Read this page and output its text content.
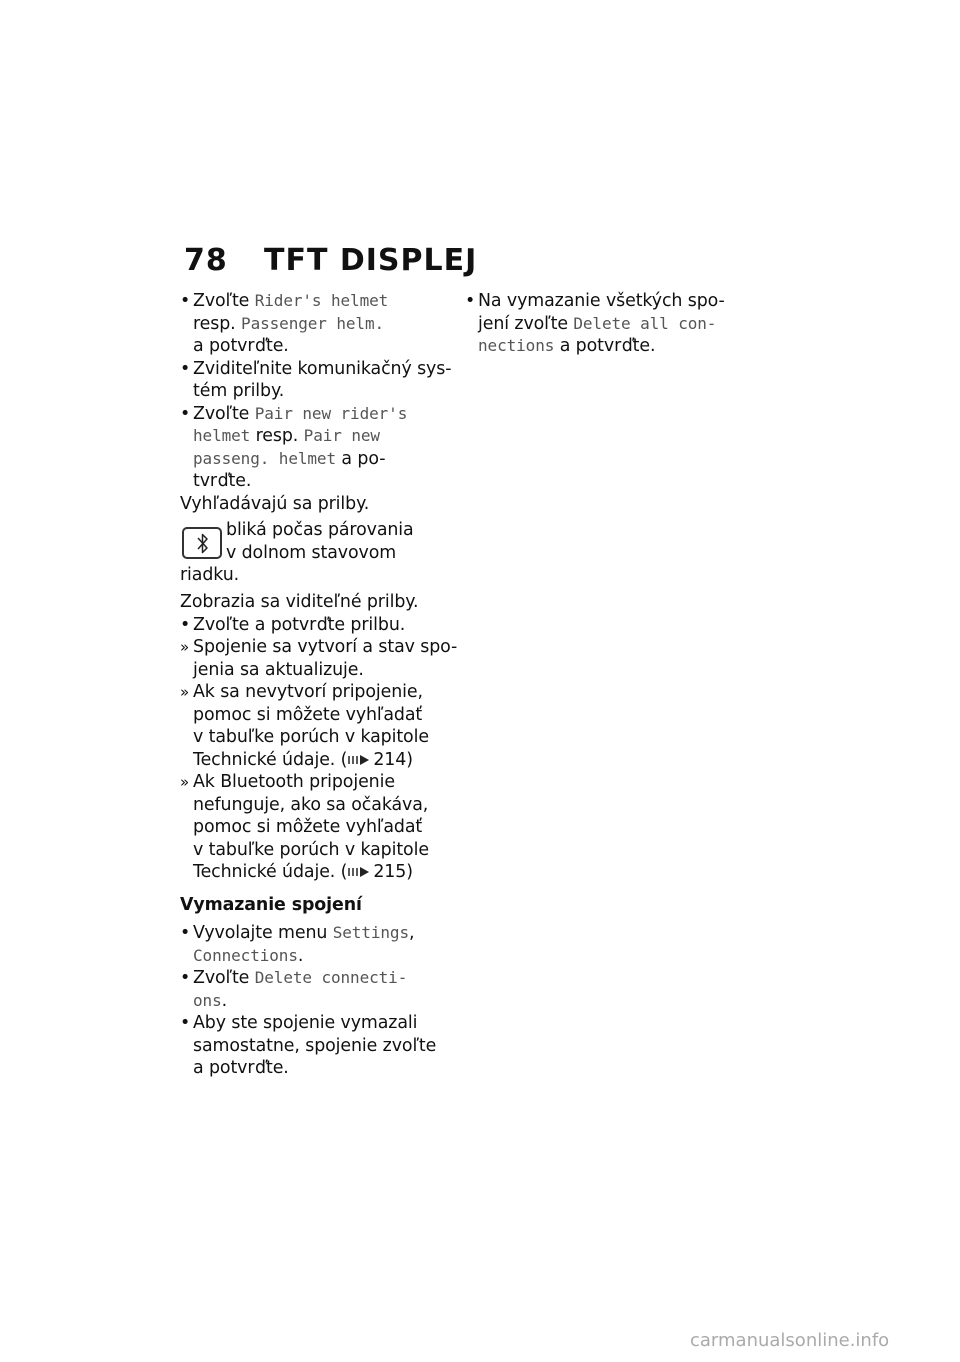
78 TFT DISPLEJ
• Zvoľte Rider's helmet
resp. Passenger helm.
a potvrďte.
• Zviditeľnite komunikačný sys-
tém prilby.
• Zvoľte Pair new rider's
helmet resp. Pair new
passeng. helmet a po-
tvrďte.
Vyhľadávajú sa prilby.
bliká počas párovania
v dolnom stavovom
riadku.
Zobrazia sa viditeľné prilby.
• Zvoľte a potvrďte prilbu.
» Spojenie sa vytvorí a stav spo-
jenia sa aktualizuje.
» Ak sa nevytvorí pripojenie,
pomoc si môžete vyhľadať
v tabuľke porúch v kapitole
Technické údaje. ( 214)
» Ak Bluetooth pripojenie
nefunguje, ako sa očakáva,
pomoc si môžete vyhľadať
v tabuľke porúch v kapitole
Technické údaje. ( 215)
Vymazanie spojení
• Vyvolajte menu Settings,
Connections.
• Zvoľte Delete connecti-
ons.
• Aby ste spojenie vymazali
samostatne, spojenie zvoľte
a potvrďte.
• Na vymazanie všetkých spo-
jení zvoľte Delete all con-
nections a potvrďte.
carmanualsonline.info
